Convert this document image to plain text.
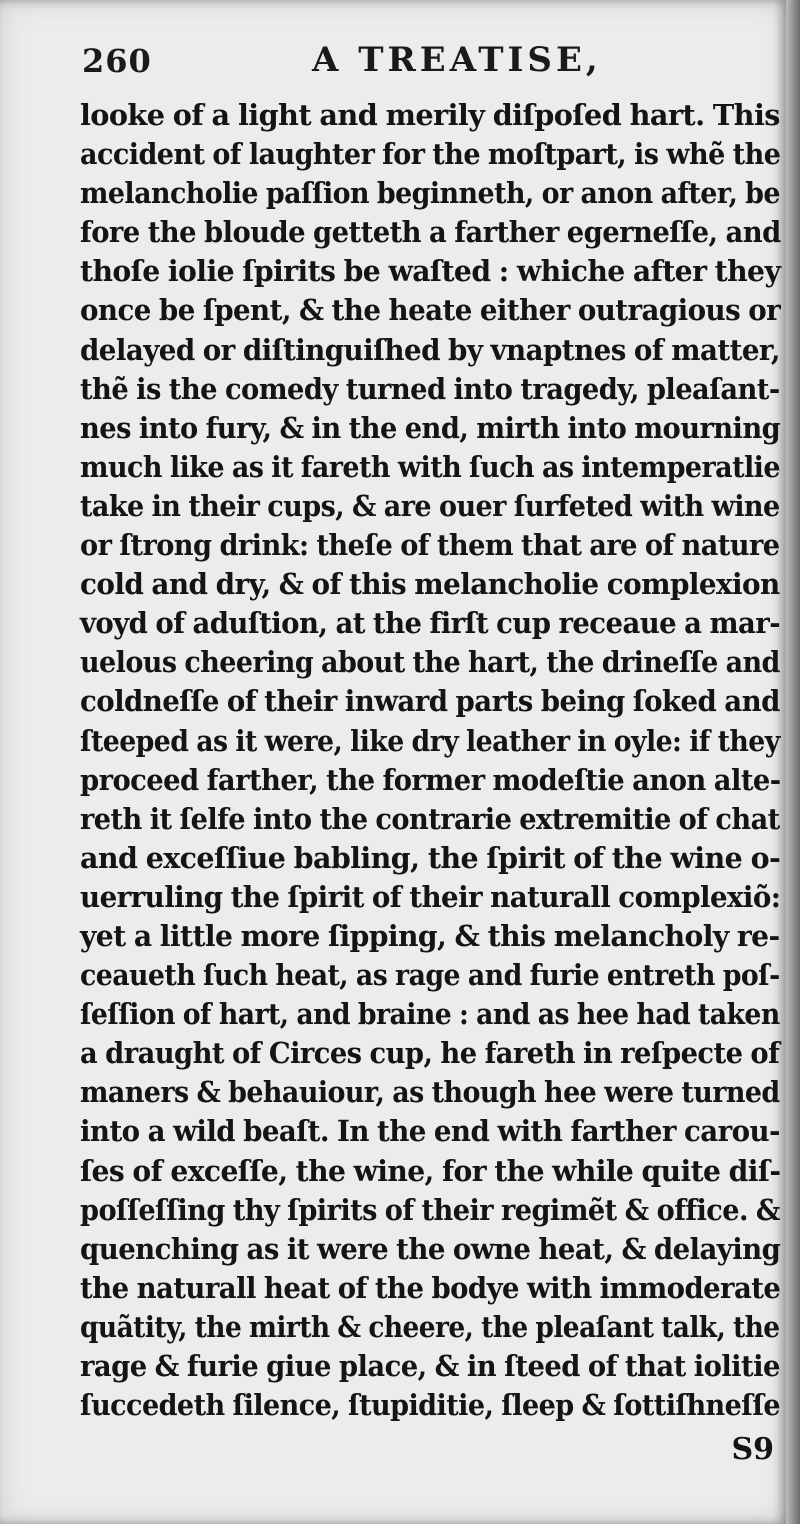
260	A TREATISE,
looke of a light and merily diſpoſed hart. This
accident of laughter for the moſtpart, is whẽ the
melancholie paſſion beginneth, or anon after, be
fore the bloude getteth a farther egerneſſe, and
thoſe iolie ſpirits be waſted : whiche after they
once be ſpent, & the heate either outragious or
delayed or diſtinguiſhed by vnaptnes of matter,
thẽ is the comedy turned into tragedy, pleaſant-
nes into fury, & in the end, mirth into mourning
much like as it fareth with ſuch as intemperatlie
take in their cups, & are ouer ſurfeted with wine
or ſtrong drink: theſe of them that are of nature
cold and dry, & of this melancholie complexion
voyd of aduſtion, at the firſt cup receaue a mar-
uelous cheering about the hart, the drineſſe and
coldneſſe of their inward parts being ſoked and
ſteeped as it were, like dry leather in oyle: if they
proceed farther, the former modeſtie anon alte-
reth it ſelfe into the contrarie extremitie of chat
and exceſſiue babling, the ſpirit of the wine o-
uerruling the ſpirit of their naturall complexiõ:
yet a little more ſipping, & this melancholy re-
ceaueth ſuch heat, as rage and furie entreth poſ-
ſeſſion of hart, and braine : and as hee had taken
a draught of Circes cup, he fareth in reſpecte of
maners & behauiour, as though hee were turned
into a wild beaſt. In the end with farther carou-
ſes of exceſſe, the wine, for the while quite diſ-
poſſeſſing thy ſpirits of their regimẽt & office. &
quenching as it were the owne heat, & delaying
the naturall heat of the bodye with immoderate
quãtity, the mirth & cheere, the pleaſant talk, the
rage & furie giue place, & in ſteed of that iolitie
ſuccedeth ſilence, ſtupiditie, ſleep & ſottiſhneſſe
S9
